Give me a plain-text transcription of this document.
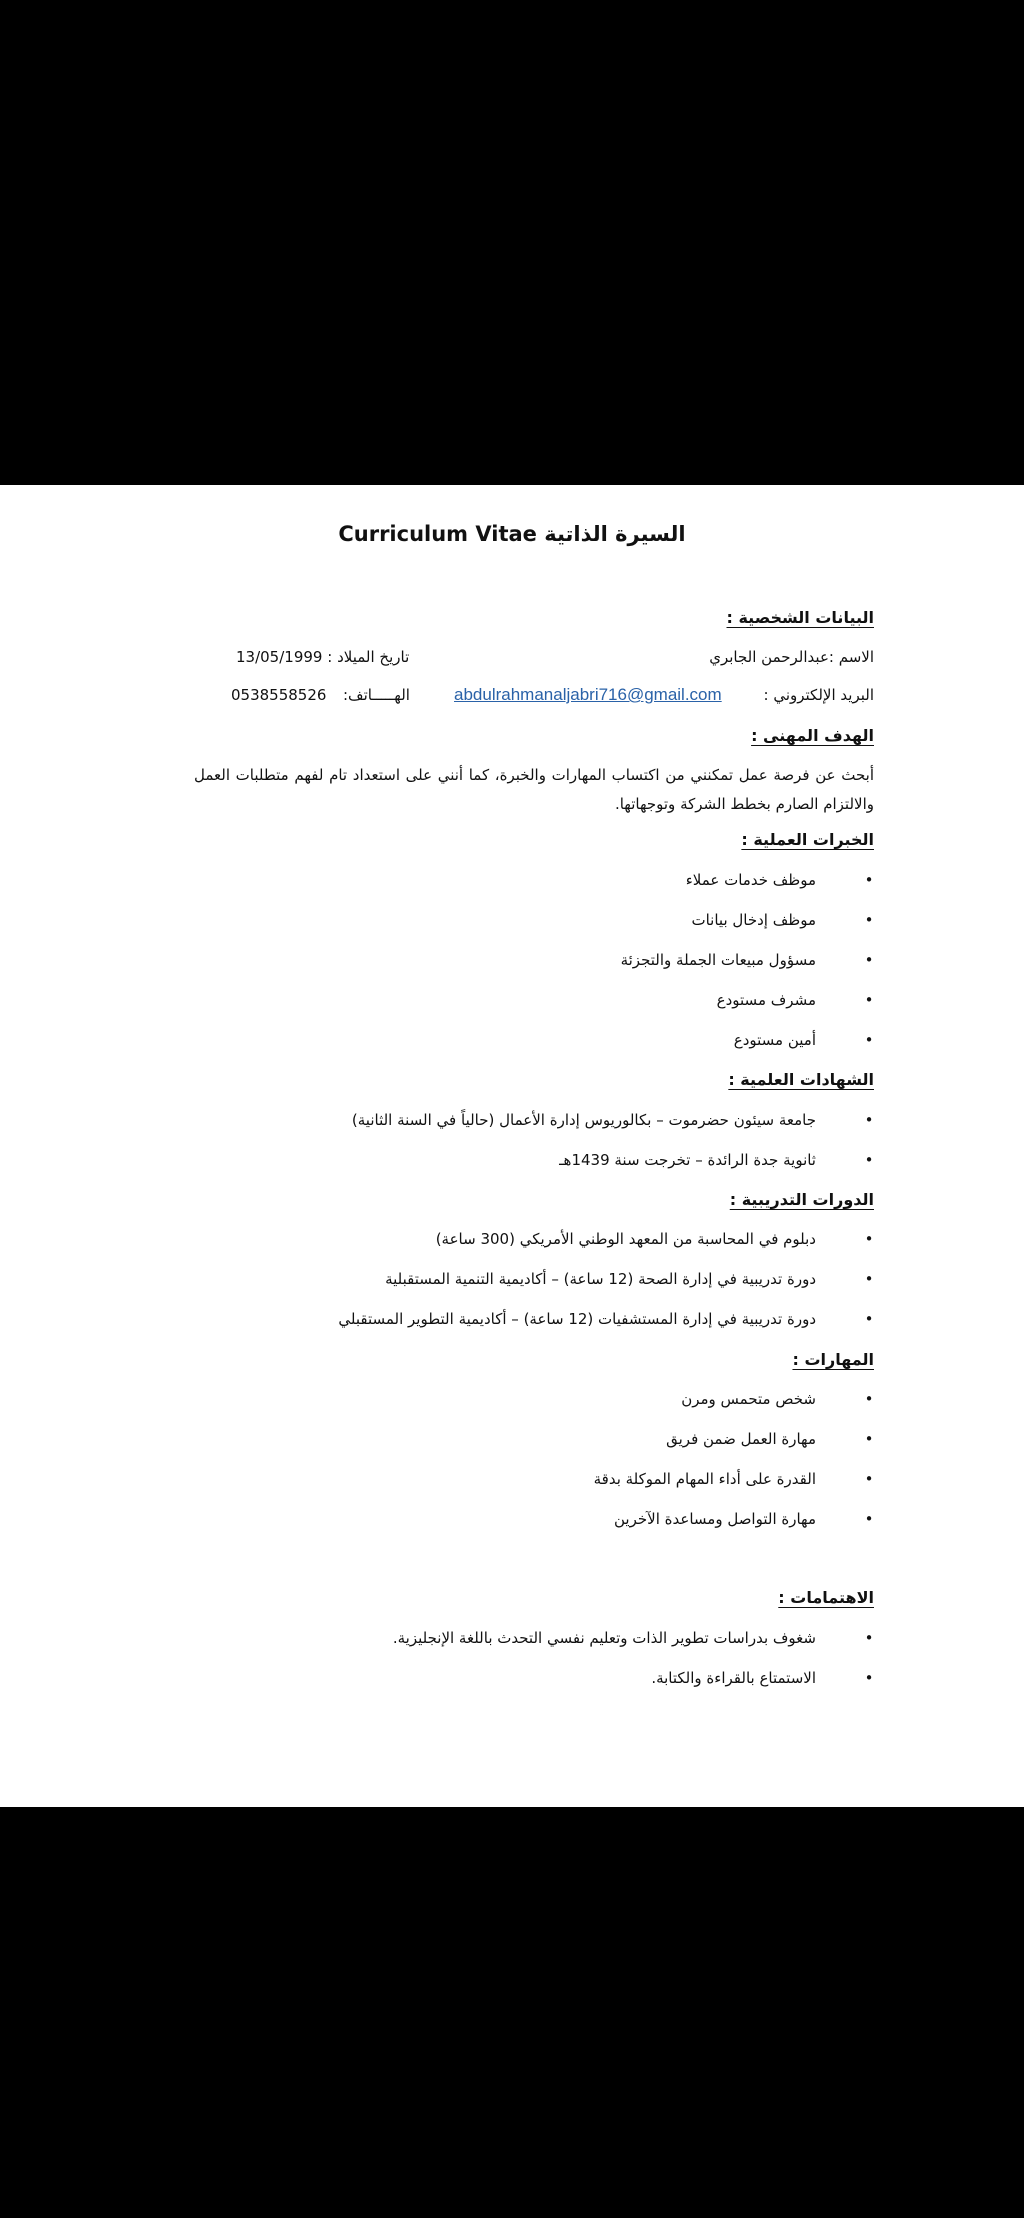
السيرة الذاتية Curriculum Vitae
البيانات الشخصية :
الاسم :عبدالرحمن الجابري
تاريخ الميلاد : 13/05/1999
البريد الإلكتروني :
abdulrahmanaljabri716@gmail.com
الهـــــاتف:
0538558526
الهدف المهنى :
أبحث عن فرصة عمل تمكنني من اكتساب المهارات والخبرة، كما أنني على استعداد تام لفهم متطلبات العمل والالتزام الصارم بخطط الشركة وتوجهاتها.
الخبرات العملية :
•
موظف خدمات عملاء
•
موظف إدخال بيانات
•
مسؤول مبيعات الجملة والتجزئة
•
مشرف مستودع
•
أمين مستودع
الشهادات العلمية :
•
جامعة سيئون حضرموت – بكالوريوس إدارة الأعمال (حالياً في السنة الثانية)
•
ثانوية جدة الرائدة – تخرجت سنة 1439هـ
الدورات التدريبية :
•
دبلوم في المحاسبة من المعهد الوطني الأمريكي (300 ساعة)
•
دورة تدريبية في إدارة الصحة (12 ساعة) – أكاديمية التنمية المستقبلية
•
دورة تدريبية في إدارة المستشفيات (12 ساعة) – أكاديمية التطوير المستقبلي
المهارات :
•
شخص متحمس ومرن
•
مهارة العمل ضمن فريق
•
القدرة على أداء المهام الموكلة بدقة
•
مهارة التواصل ومساعدة الآخرين
الاهتمامات :
•
شغوف بدراسات تطوير الذات وتعليم نفسي التحدث باللغة الإنجليزية.
•
الاستمتاع بالقراءة والكتابة.
